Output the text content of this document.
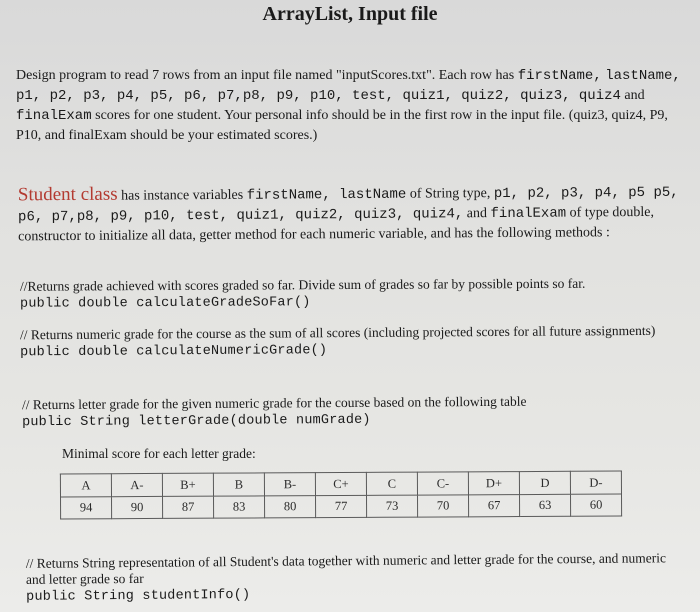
ArrayList, Input file
Design program to read 7 rows from an input file named "inputScores.txt". Each row has firstName, lastName, p1, p2, p3, p4, p5, p6, p7,p8, p9, p10, test, quiz1, quiz2, quiz3, quiz4 and finalExam scores for one student. Your personal info should be in the first row in the input file. (quiz3, quiz4, P9, P10, and finalExam should be your estimated scores.)
Student class has instance variables firstName, lastName of String type, p1, p2, p3, p4, p5 p5, p6, p7,p8, p9, p10, test, quiz1, quiz2, quiz3, quiz4, and finalExam of type double, constructor to initialize all data, getter method for each numeric variable, and has the following methods :
//Returns grade achieved with scores graded so far. Divide sum of grades so far by possible points so far.
public double calculateGradeSoFar()
// Returns numeric grade for the course as the sum of all scores (including projected scores for all future assignments)
public double calculateNumericGrade()
// Returns letter grade for the given numeric grade for the course based on the following table
public String letterGrade(double numGrade)
Minimal score for each letter grade:
A	A-	B+	B	B-	C+	C	C-	D+	D	D-
94	90	87	83	80	77	73	70	67	63	60
// Returns String representation of all Student's data together with numeric and letter grade for the course, and numeric and letter grade so far
public String studentInfo()
